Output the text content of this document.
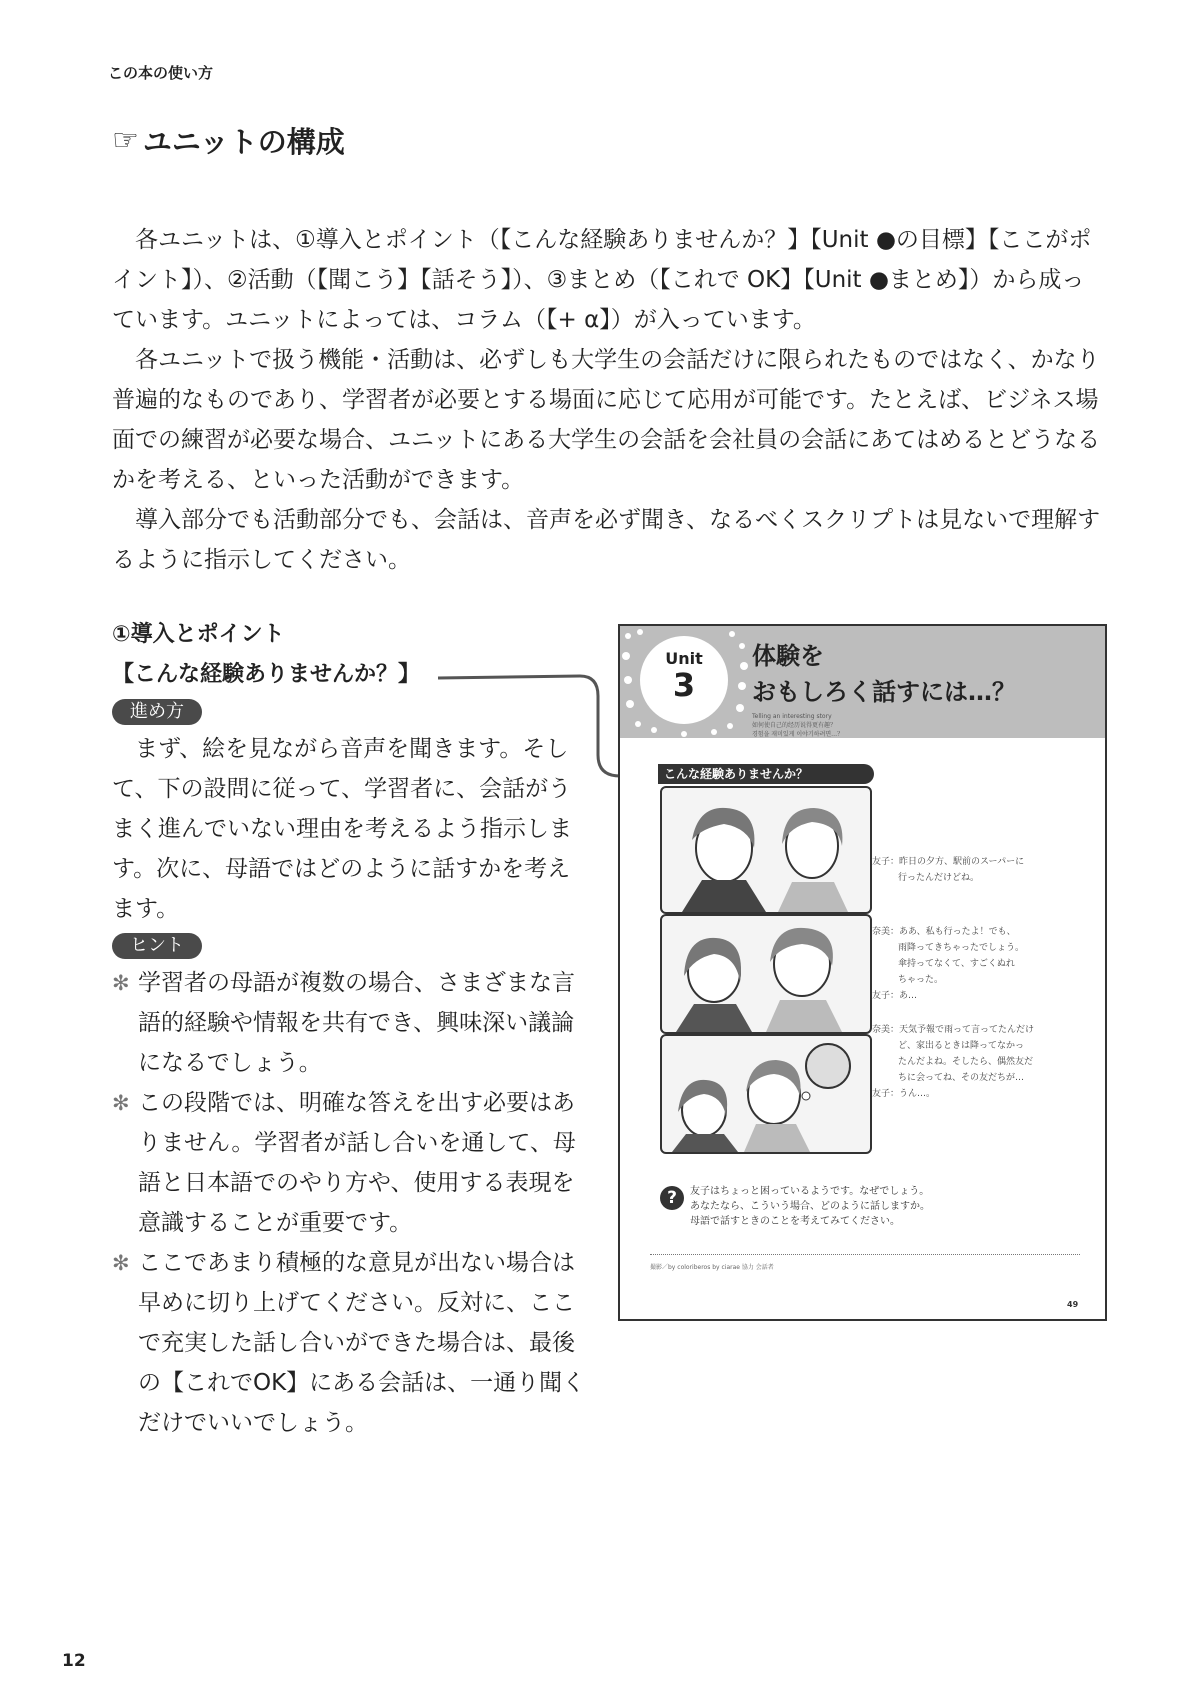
この本の使い方
☞ ユニットの構成

各ユニットは、①導入とポイント（【こんな経験ありませんか？】【Unit ●の目標】【ここがポイント】）、②活動（【聞こう】【話そう】）、③まとめ（【これで OK】【Unit ●まとめ】）から成っています。ユニットによっては、コラム（【+ α】）が入っています。

各ユニットで扱う機能・活動は、必ずしも大学生の会話だけに限られたものではなく、かなり普遍的なものであり、学習者が必要とする場面に応じて応用が可能です。たとえば、ビジネス場面での練習が必要な場合、ユニットにある大学生の会話を会社員の会話にあてはめるとどうなるかを考える、といった活動ができます。

導入部分でも活動部分でも、会話は、音声を必ず聞き、なるべくスクリプトは見ないで理解するように指示してください。

①導入とポイント
【こんな経験ありませんか？】
進め方

まず、絵を見ながら音声を聞きます。そして、下の設問に従って、学習者に、会話がうまく進んでいない理由を考えるよう指示します。次に、母語ではどのように話すかを考えます。

ヒント

✻ 学習者の母語が複数の場合、さまざまな言語的経験や情報を共有でき、興味深い議論になるでしょう。

✻ この段階では、明確な答えを出す必要はありません。学習者が話し合いを通して、母語と日本語でのやり方や、使用する表現を意識することが重要です。

✻ ここであまり積極的な意見が出ない場合は早めに切り上げてください。反対に、ここで充実した話し合いができた場合は、最後の【これでOK】にある会話は、一通り聞くだけでいいでしょう。

Unit
3
体験を
おもしろく話すには…？
Telling an interesting story
如何使自己的经历说得更有趣？
경험을 재미있게 이야기하려면…？
こんな経験ありませんか？
友子：昨日の夕方、駅前のスーパーに
行ったんだけどね。
奈美：ああ、私も行ったよ！でも、
雨降ってきちゃったでしょう。
傘持ってなくて、すごくぬれ
ちゃった。
友子：あ…
奈美：天気予報で雨って言ってたんだけ
ど、家出るときは降ってなかっ
たんだよね。そしたら、偶然友だ
ちに会ってね、その友だちが…
友子：うん…。
?	友子はちょっと困っているようです。なぜでしょう。
あなたなら、こういう場合、どのように話しますか。
母語で話すときのことを考えてみてください。
撮影／by coloriberos by ciarae 協力 会話者
49
12
